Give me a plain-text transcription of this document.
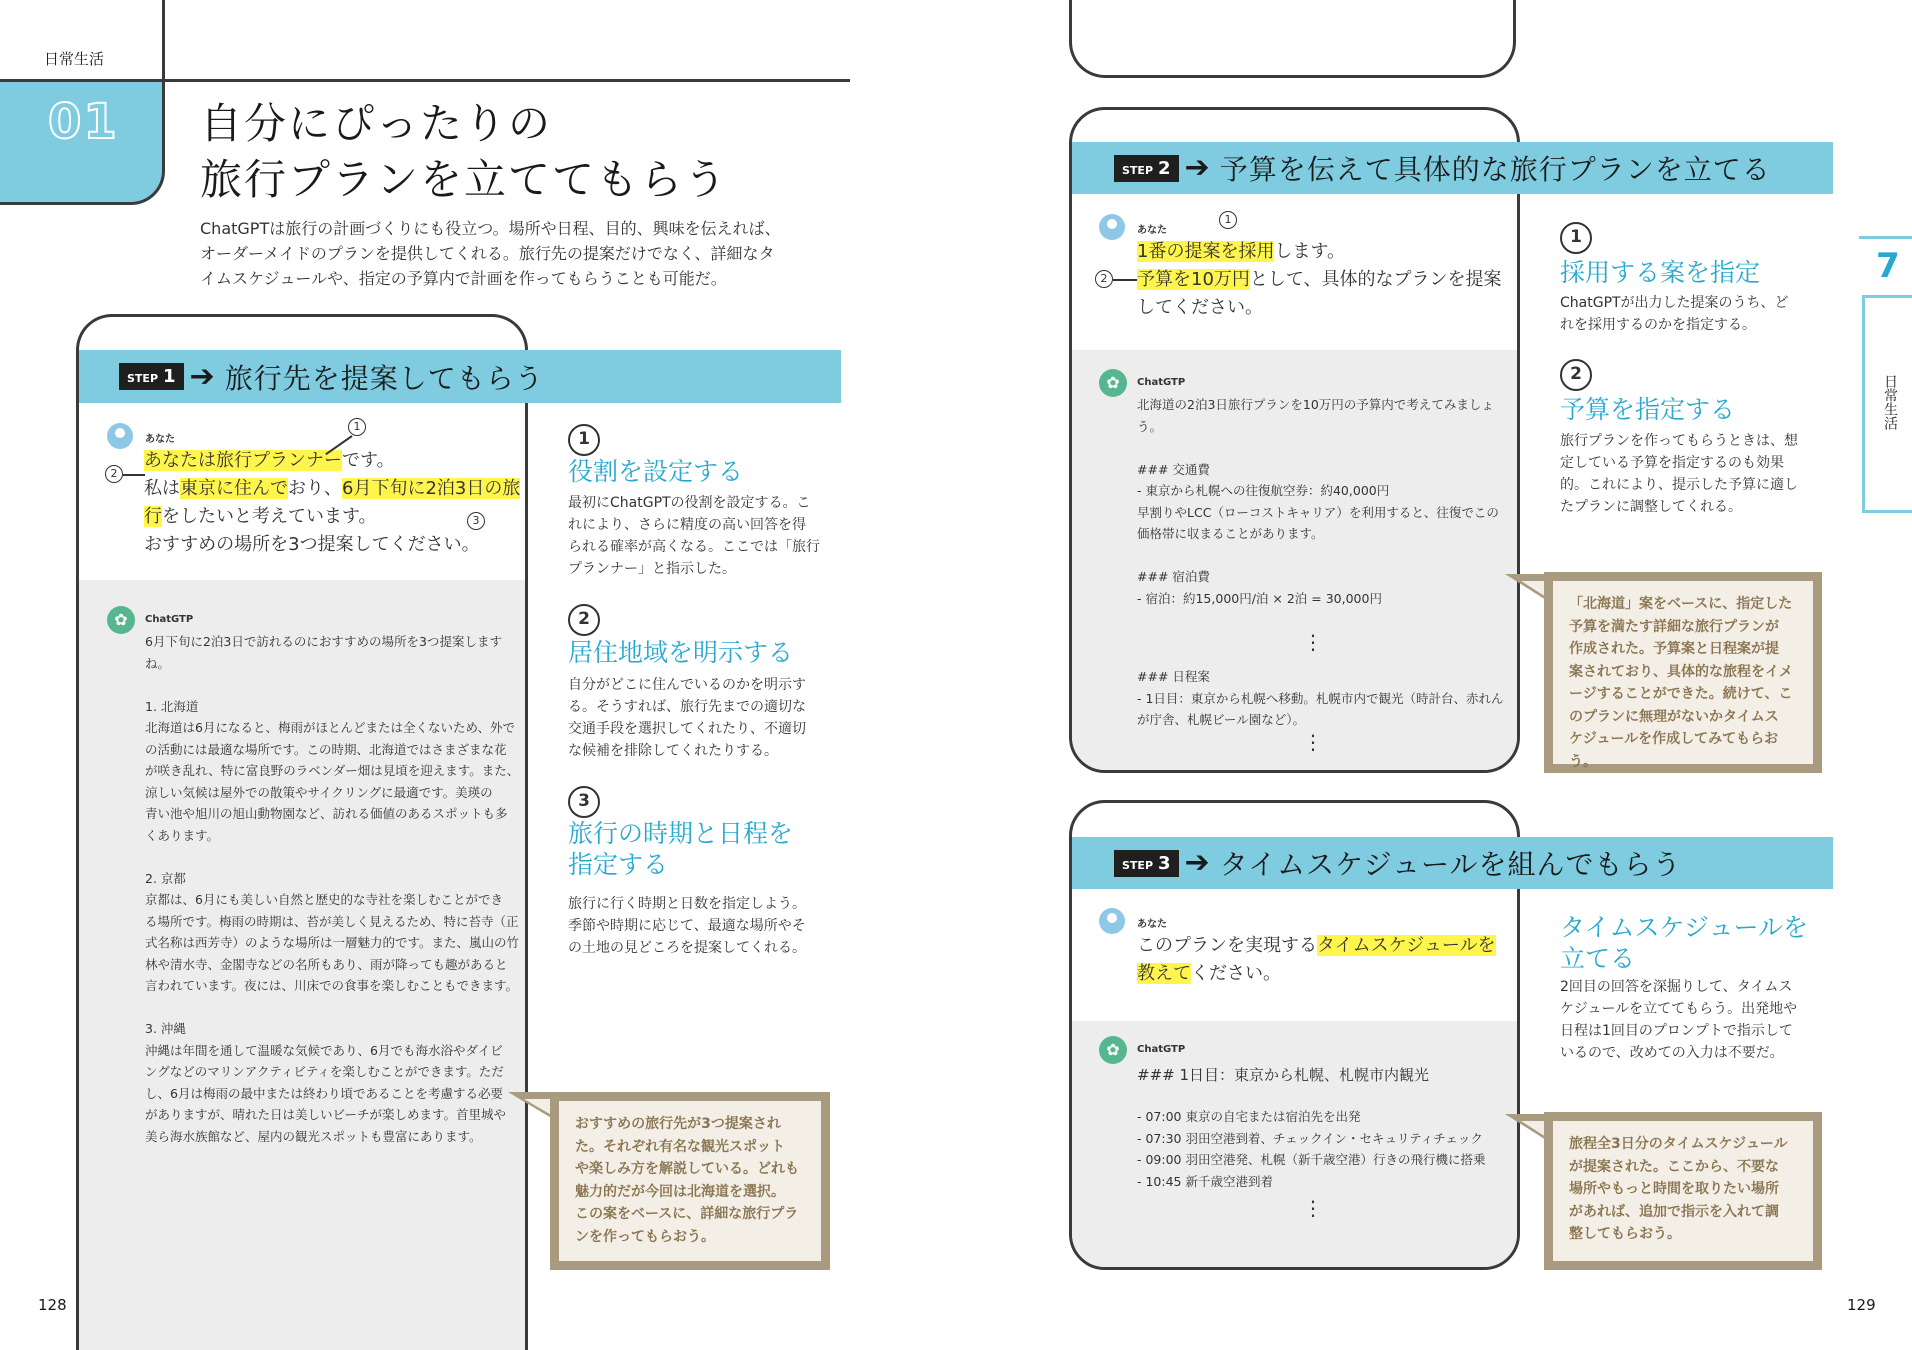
日常生活
01 自分にぴったりの
旅行プランを立ててもらう
ChatGPTは旅行の計画づくりにも役立つ。場所や日程、目的、興味を伝えれば、
オーダーメイドのプランを提供してくれる。旅行先の提案だけでなく、詳細なタ
イムスケジュールや、指定の予算内で計画を作ってもらうことも可能だ。
STEP 1 ➔ 旅行先を提案してもらう
あなた
あなたは旅行プランナーです。
私は東京に住んでおり、6月下旬に2泊3日の旅
行をしたいと考えています。
おすすめの場所を3つ提案してください。
1
2
3
✿	ChatGTP
6月下旬に2泊3日で訪れるのにおすすめの場所を3つ提案します
ね。

1. 北海道
北海道は6月になると、梅雨がほとんどまたは全くないため、外で
の活動には最適な場所です。この時期、北海道ではさまざまな花
が咲き乱れ、特に富良野のラベンダー畑は見頃を迎えます。また、
涼しい気候は屋外での散策やサイクリングに最適です。美瑛の
青い池や旭川の旭山動物園など、訪れる価値のあるスポットも多
くあります。

2. 京都
京都は、6月にも美しい自然と歴史的な寺社を楽しむことができ
る場所です。梅雨の時期は、苔が美しく見えるため、特に苔寺（正
式名称は西芳寺）のような場所は一層魅力的です。また、嵐山の竹
林や清水寺、金閣寺などの名所もあり、雨が降っても趣があると
言われています。夜には、川床での食事を楽しむこともできます。

3. 沖縄
沖縄は年間を通して温暖な気候であり、6月でも海水浴やダイビ
ングなどのマリンアクティビティを楽しむことができます。ただ
し、6月は梅雨の最中または終わり頃であることを考慮する必要
がありますが、晴れた日は美しいビーチが楽しめます。首里城や
美ら海水族館など、屋内の観光スポットも豊富にあります。
1
役割を設定する
最初にChatGPTの役割を設定する。こ
れにより、さらに精度の高い回答を得
られる確率が高くなる。ここでは「旅行
プランナー」と指示した。
2
居住地域を明示する
自分がどこに住んでいるのかを明示す
る。そうすれば、旅行先までの適切な
交通手段を選択してくれたり、不適切
な候補を排除してくれたりする。
3
旅行の時期と日程を
指定する
旅行に行く時期と日数を指定しよう。
季節や時期に応じて、最適な場所やそ
の土地の見どころを提案してくれる。
おすすめの旅行先が3つ提案され
た。それぞれ有名な観光スポット
や楽しみ方を解説している。どれも
魅力的だが今回は北海道を選択。
この案をベースに、詳細な旅行プラ
ンを作ってもらおう。
128
STEP 2 ➔ 予算を伝えて具体的な旅行プランを立てる
あなた
1番の提案を採用します。
予算を10万円として、具体的なプランを提案
してください。
1
2
✿	ChatGTP
北海道の2泊3日旅行プランを10万円の予算内で考えてみましょ
う。

### 交通費
- 東京から札幌への往復航空券：約40,000円
早割りやLCC（ローコストキャリア）を利用すると、往復でこの
価格帯に収まることがあります。

### 宿泊費
- 宿泊：約15,000円/泊 × 2泊 = 30,000円
⋮
### 日程案
- 1日目：東京から札幌へ移動。札幌市内で観光（時計台、赤れん
が庁舎、札幌ビール園など）。
⋮
1
採用する案を指定
ChatGPTが出力した提案のうち、ど
れを採用するのかを指定する。
2
予算を指定する
旅行プランを作ってもらうときは、想
定している予算を指定するのも効果
的。これにより、提示した予算に適し
たプランに調整してくれる。
「北海道」案をベースに、指定した
予算を満たす詳細な旅行プランが
作成された。予算案と日程案が提
案されており、具体的な旅程をイメ
ージすることができた。続けて、こ
のプランに無理がないかタイムス
ケジュールを作成してみてもらおう。
STEP 3 ➔ タイムスケジュールを組んでもらう
あなた
このプランを実現するタイムスケジュールを
教えてください。
✿	ChatGTP
### 1日目：東京から札幌、札幌市内観光
- 07:00 東京の自宅または宿泊先を出発
- 07:30 羽田空港到着、チェックイン・セキュリティチェック
- 09:00 羽田空港発、札幌（新千歳空港）行きの飛行機に搭乗
- 10:45 新千歳空港到着
⋮
タイムスケジュールを
立てる
2回目の回答を深掘りして、タイムス
ケジュールを立ててもらう。出発地や
日程は1回目のプロンプトで指示して
いるので、改めての入力は不要だ。
旅程全3日分のタイムスケジュール
が提案された。ここから、不要な
場所やもっと時間を取りたい場所
があれば、追加で指示を入れて調
整してもらおう。
7
日常生活
129
